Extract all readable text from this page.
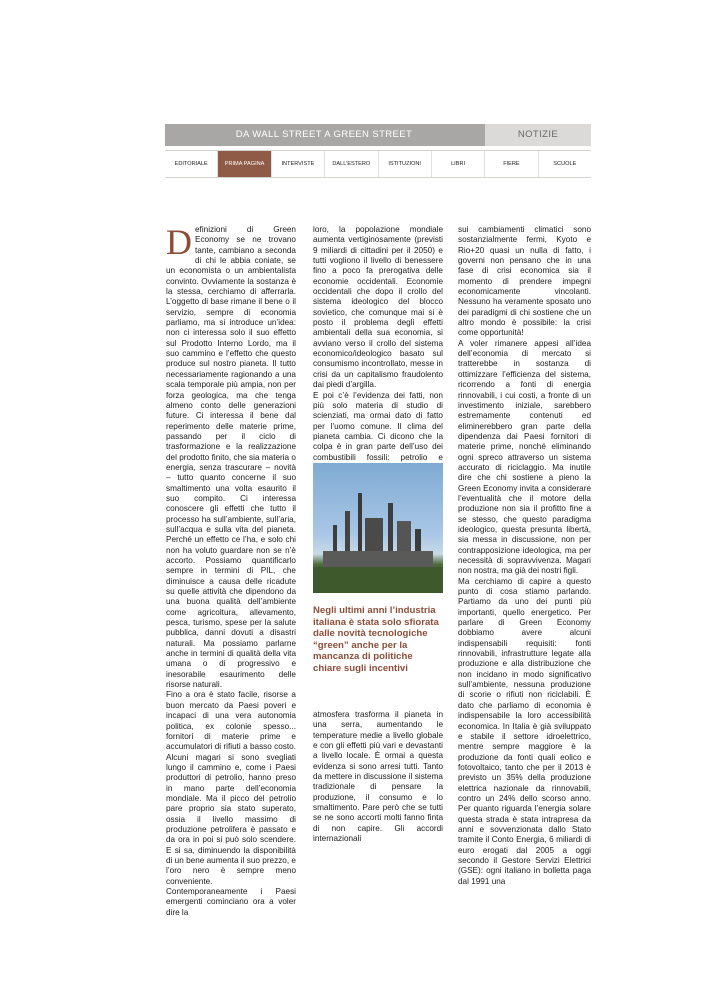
DA WALL STREET A GREEN STREET	NOTIZIE
EDITORIALE	PRIMA PAGINA	INTERVISTE	DALL’ESTERO	ISTITUZIONI	LIBRI	FIERE	SCUOLE

Definizioni di Green Economy se ne trovano tante, cambiano a seconda di chi le abbia coniate, se un economista o un ambientalista convinto. Ovviamente la sostanza è la stessa, cerchiamo di afferrarla. L’oggetto di base rimane il bene o il servizio, sempre di economia parliamo, ma si introduce un’idea: non ci interessa solo il suo effetto sul Prodotto Interno Lordo, ma il suo cammino e l’effetto che questo produce sul nostro pianeta. Il tutto necessariamente ragionando a una scala temporale più ampia, non per forza geologica, ma che tenga almeno conto delle generazioni future. Ci interessa il bene dal reperimento delle materie prime, passando per il ciclo di trasformazione e la realizzazione del prodotto finito, che sia materia o energia, senza trascurare – novità – tutto quanto concerne il suo smaltimento una volta esaurito il suo compito. Ci interessa conoscere gli effetti che tutto il processo ha sull’ambiente, sull’aria, sull’acqua e sulla vita del pianeta. Perché un effetto ce l’ha, e solo chi non ha voluto guardare non se n’è accorto. Possiamo quantificarlo sempre in termini di PIL, che diminuisce a causa delle ricadute su quelle attività che dipendono da una buona qualità dell’ambiente come agricoltura, allevamento, pesca, turismo, spese per la salute pubblica, danni dovuti a disastri naturali. Ma possiamo parlarne anche in termini di qualità della vita umana o di progressivo e inesorabile esaurimento delle risorse naturali.

Fino a ora è stato facile, risorse a buon mercato da Paesi poveri e incapaci di una vera autonomia politica, ex colonie spesso... fornitori di materie prime e accumulatori di rifiuti a basso costo. Alcuni magari si sono svegliati lungo il cammino e, come i Paesi produttori di petrolio, hanno preso in mano parte dell’economia mondiale. Ma il picco del petrolio pare proprio sia stato superato, ossia il livello massimo di produzione petrolifera è passato e da ora in poi si può solo scendere. E si sa, diminuendo la disponibilità di un bene aumenta il suo prezzo, e l’oro nero è sempre meno conveniente.

Contemporaneamente i Paesi emergenti cominciano ora a voler dire la

loro, la popolazione mondiale aumenta vertiginosamente (previsti 9 miliardi di cittadini per il 2050) e tutti vogliono il livello di benessere fino a poco fa prerogativa delle economie occidentali. Economie occidentali che dopo il crollo del sistema ideologico del blocco sovietico, che comunque mai si è posto il problema degli effetti ambientali della sua economia, si avviano verso il crollo del sistema economico/ideologico basato sul consumismo incontrollato, messe in crisi da un capitalismo fraudolento dai piedi d’argilla.

E poi c’è l’evidenza dei fatti, non più solo materia di studio di scienziati, ma ormai dato di fatto per l’uomo comune. Il clima del pianeta cambia. Ci dicono che la colpa è in gran parte dell’uso dei combustibili fossili: petrolio e

Negli ultimi anni l’industria italiana è stata solo sfiorata dalle novità tecnologiche “green” anche per la mancanza di politiche chiare sugli incentivi

atmosfera trasforma il pianeta in una serra, aumentando le temperature medie a livello globale e con gli effetti più vari e devastanti a livello locale. È ormai a questa evidenza si sono arresi tutti. Tanto da mettere in discussione il sistema tradizionale di pensare la produzione, il consumo e lo smaltimento. Pare però che se tutti se ne sono accorti molti fanno finta di non capire. Gli accordi internazionali

sui cambiamenti climatici sono sostanzialmente fermi, Kyoto e Rio+20 quasi un nulla di fatto, i governi non pensano che in una fase di crisi economica sia il momento di prendere impegni economicamente vincolanti. Nessuno ha veramente sposato uno dei paradigmi di chi sostiene che un altro mondo è possibile: la crisi come opportunità!

A voler rimanere appesi all’idea dell’economia di mercato si tratterebbe in sostanza di ottimizzare l’efficienza del sistema, ricorrendo a fonti di energia rinnovabili, i cui costi, a fronte di un investimento iniziale, sarebbero estremamente contenuti ed eliminerebbero gran parte della dipendenza dai Paesi fornitori di materie prime, nonché eliminando ogni spreco attraverso un sistema accurato di riciclaggio. Ma inutile dire che chi sostiene a pieno la Green Economy invita a considerare l’eventualità che il motore della produzione non sia il profitto fine a se stesso, che questo paradigma ideologico, questa presunta libertà, sia messa in discussione, non per contrapposizione ideologica, ma per necessità di sopravvivenza. Magari non nostra, ma già dei nostri figli.

Ma cerchiamo di capire a questo punto di cosa stiamo parlando. Partiamo da uno dei punti più importanti, quello energetico. Per parlare di Green Economy dobbiamo avere alcuni indispensabili requisiti: fonti rinnovabili, infrastrutture legate alla produzione e alla distribuzione che non incidano in modo significativo sull’ambiente, nessuna produzione di scorie o rifiuti non riciclabili. È dato che parliamo di economia è indispensabile la loro accessibilità economica. In Italia è già sviluppato e stabile il settore idroelettrico, mentre sempre maggiore è la produzione da fonti quali eolico e fotovoltaico, tanto che per il 2013 è previsto un 35% della produzione elettrica nazionale da rinnovabili, contro un 24% dello scorso anno. Per quanto riguarda l’energia solare questa strada è stata intrapresa da anni e sovvenzionata dallo Stato tramite il Conto Energia, 6 miliardi di euro erogati dal 2005 a oggi secondo il Gestore Servizi Elettrici (GSE): ogni italiano in bolletta paga dal 1991 una
